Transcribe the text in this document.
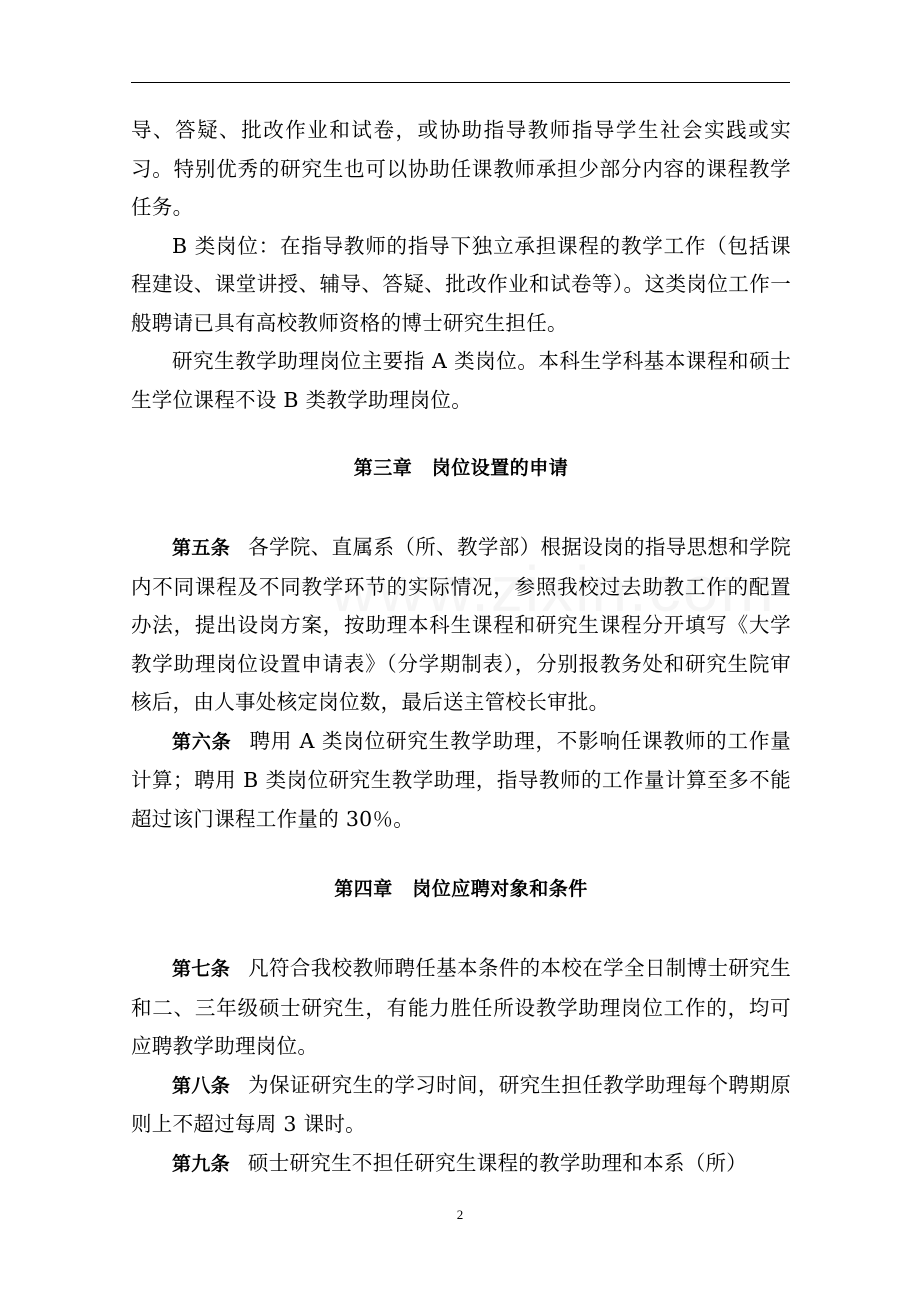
导、答疑、批改作业和试卷，或协助指导教师指导学生社会实践或实习。特别优秀的研究生也可以协助任课教师承担少部分内容的课程教学任务。

B 类岗位：在指导教师的指导下独立承担课程的教学工作（包括课程建设、课堂讲授、辅导、答疑、批改作业和试卷等）。这类岗位工作一般聘请已具有高校教师资格的博士研究生担任。

研究生教学助理岗位主要指 A 类岗位。本科生学科基本课程和硕士生学位课程不设 B 类教学助理岗位。

第三章　岗位设置的申请

第五条 各学院、直属系（所、教学部）根据设岗的指导思想和学院内不同课程及不同教学环节的实际情况，参照我校过去助教工作的配置办法，提出设岗方案，按助理本科生课程和研究生课程分开填写《大学教学助理岗位设置申请表》（分学期制表），分别报教务处和研究生院审核后，由人事处核定岗位数，最后送主管校长审批。

第六条 聘用 A 类岗位研究生教学助理，不影响任课教师的工作量计算；聘用 B 类岗位研究生教学助理，指导教师的工作量计算至多不能超过该门课程工作量的 30％。

第四章　岗位应聘对象和条件

第七条 凡符合我校教师聘任基本条件的本校在学全日制博士研究生和二、三年级硕士研究生，有能力胜任所设教学助理岗位工作的，均可应聘教学助理岗位。

第八条 为保证研究生的学习时间，研究生担任教学助理每个聘期原则上不超过每周 3 课时。

第九条 硕士研究生不担任研究生课程的教学助理和本系（所）

2
